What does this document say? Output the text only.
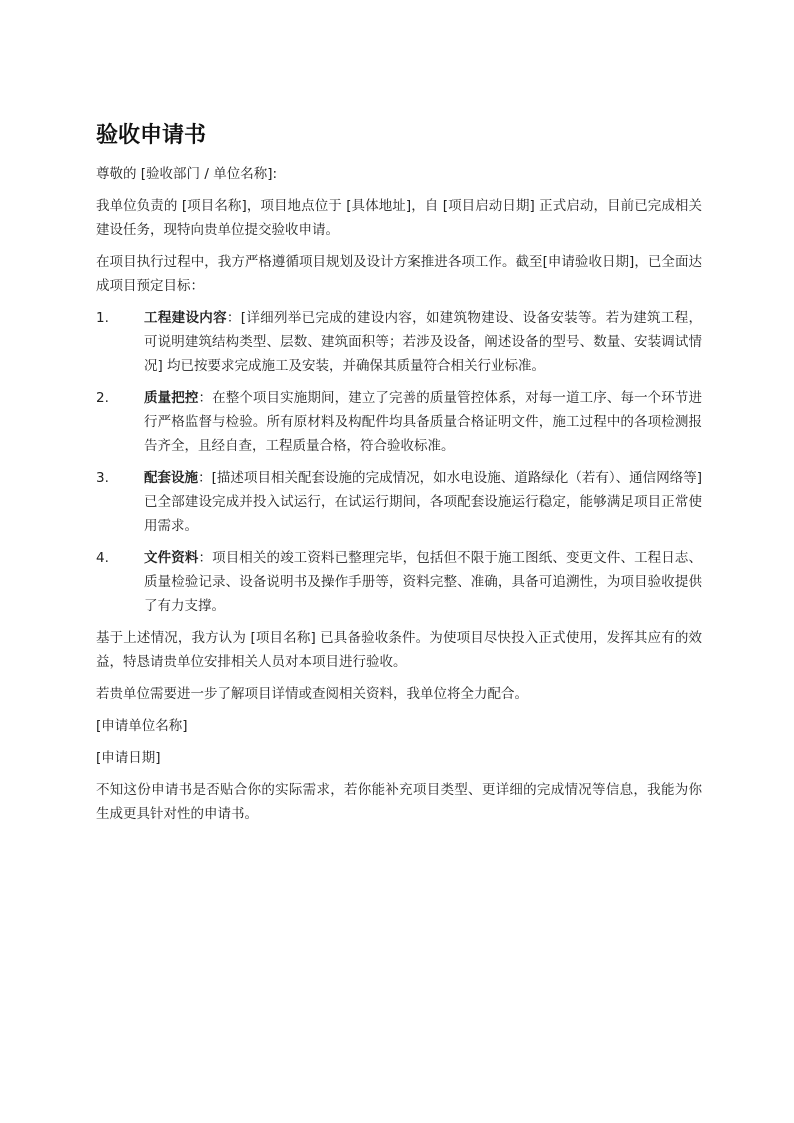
验收申请书

尊敬的 [验收部门 / 单位名称]:

我单位负责的 [项目名称]，项目地点位于 [具体地址]，自 [项目启动日期] 正式启动，目前已完成相关建设任务，现特向贵单位提交验收申请。

在项目执行过程中，我方严格遵循项目规划及设计方案推进各项工作。截至[申请验收日期]，已全面达成项目预定目标：

1.	工程建设内容：[详细列举已完成的建设内容，如建筑物建设、设备安装等。若为建筑工程，可说明建筑结构类型、层数、建筑面积等；若涉及设备，阐述设备的型号、数量、安装调试情况] 均已按要求完成施工及安装，并确保其质量符合相关行业标准。
2.	质量把控：在整个项目实施期间，建立了完善的质量管控体系，对每一道工序、每一个环节进行严格监督与检验。所有原材料及构配件均具备质量合格证明文件，施工过程中的各项检测报告齐全，且经自查，工程质量合格，符合验收标准。
3.	配套设施：[描述项目相关配套设施的完成情况，如水电设施、道路绿化（若有）、通信网络等] 已全部建设完成并投入试运行，在试运行期间，各项配套设施运行稳定，能够满足项目正常使用需求。
4.	文件资料：项目相关的竣工资料已整理完毕，包括但不限于施工图纸、变更文件、工程日志、质量检验记录、设备说明书及操作手册等，资料完整、准确，具备可追溯性，为项目验收提供了有力支撑。

基于上述情况，我方认为 [项目名称] 已具备验收条件。为使项目尽快投入正式使用，发挥其应有的效益，特恳请贵单位安排相关人员对本项目进行验收。

若贵单位需要进一步了解项目详情或查阅相关资料，我单位将全力配合。

[申请单位名称]

[申请日期]

不知这份申请书是否贴合你的实际需求，若你能补充项目类型、更详细的完成情况等信息，我能为你生成更具针对性的申请书。
